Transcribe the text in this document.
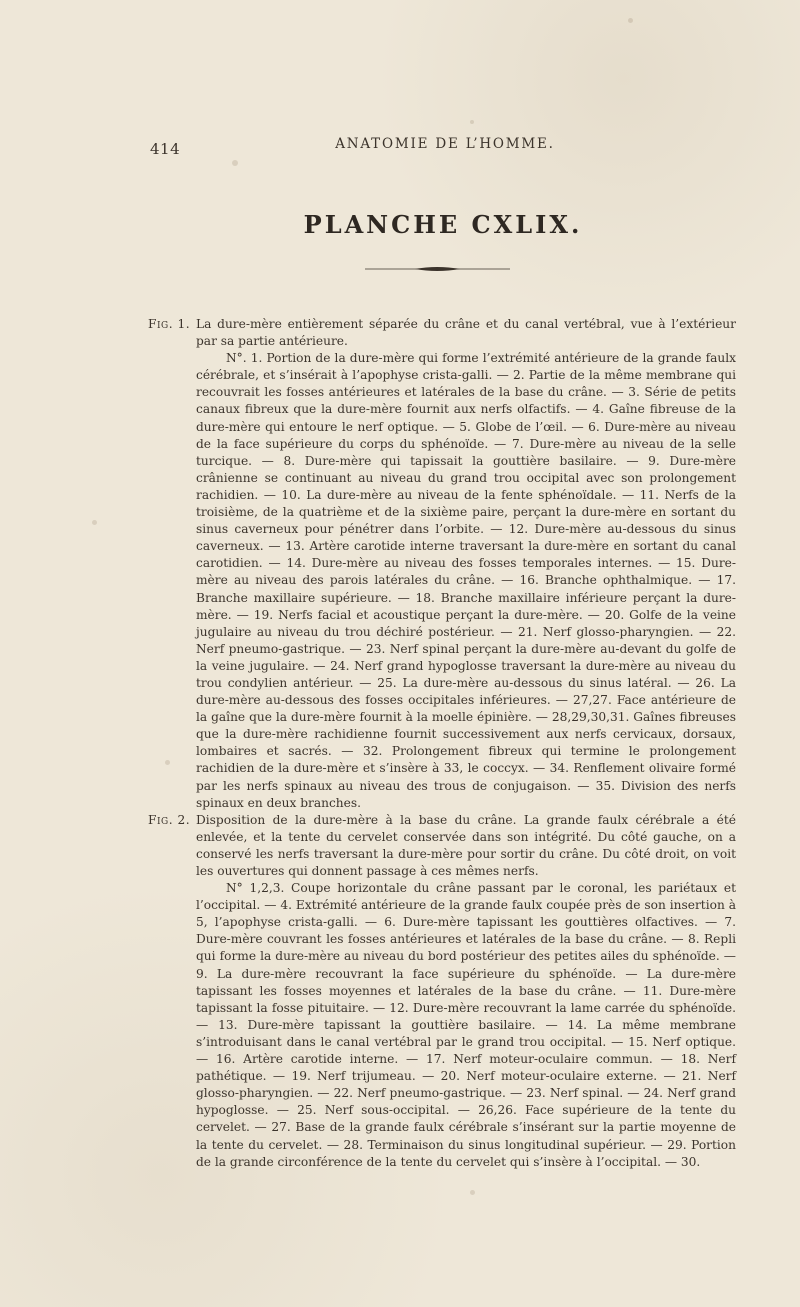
414	ANATOMIE DE L’HOMME.
PLANCHE CXLIX.
Fig. 1. La dure-mère entièrement séparée du crâne et du canal vertébral, vue à l’extérieur par sa partie antérieure.

N°. 1. Portion de la dure-mère qui forme l’extrémité antérieure de la grande faulx cérébrale, et s’insérait à l’apophyse crista-galli. — 2. Partie de la même membrane qui recouvrait les fosses antérieures et latérales de la base du crâne. — 3. Série de petits canaux fibreux que la dure-mère fournit aux nerfs olfactifs. — 4. Gaîne fibreuse de la dure-mère qui entoure le nerf optique. — 5. Globe de l’œil. — 6. Dure-mère au niveau de la face supérieure du corps du sphénoïde. — 7. Dure-mère au niveau de la selle turcique. — 8. Dure-mère qui tapissait la gouttière basilaire. — 9. Dure-mère crânienne se continuant au niveau du grand trou occipital avec son prolongement rachidien. — 10. La dure-mère au niveau de la fente sphénoïdale. — 11. Nerfs de la troisième, de la quatrième et de la sixième paire, perçant la dure-mère en sortant du sinus caverneux pour pénétrer dans l’orbite. — 12. Dure-mère au-dessous du sinus caverneux. — 13. Artère carotide interne traversant la dure-mère en sortant du canal carotidien. — 14. Dure-mère au niveau des fosses temporales internes. — 15. Dure-mère au niveau des parois latérales du crâne. — 16. Branche ophthalmique. — 17. Branche maxillaire supérieure. — 18. Branche maxillaire inférieure perçant la dure-mère. — 19. Nerfs facial et acoustique perçant la dure-mère. — 20. Golfe de la veine jugulaire au niveau du trou déchiré postérieur. — 21. Nerf glosso-pharyngien. — 22. Nerf pneumo-gastrique. — 23. Nerf spinal perçant la dure-mère au-devant du golfe de la veine jugulaire. — 24. Nerf grand hypoglosse traversant la dure-mère au niveau du trou condylien antérieur. — 25. La dure-mère au-dessous du sinus latéral. — 26. La dure-mère au-dessous des fosses occipitales inférieures. — 27,27. Face antérieure de la gaîne que la dure-mère fournit à la moelle épinière. — 28,29,30,31. Gaînes fibreuses que la dure-mère rachidienne fournit successivement aux nerfs cervicaux, dorsaux, lombaires et sacrés. — 32. Prolongement fibreux qui termine le prolongement rachidien de la dure-mère et s’insère à 33, le coccyx. — 34. Renflement olivaire formé par les nerfs spinaux au niveau des trous de conjugaison. — 35. Division des nerfs spinaux en deux branches.

Fig. 2. Disposition de la dure-mère à la base du crâne. La grande faulx cérébrale a été enlevée, et la tente du cervelet conservée dans son intégrité. Du côté gauche, on a conservé les nerfs traversant la dure-mère pour sortir du crâne. Du côté droit, on voit les ouvertures qui donnent passage à ces mêmes nerfs.

N° 1,2,3. Coupe horizontale du crâne passant par le coronal, les pariétaux et l’occipital. — 4. Extrémité antérieure de la grande faulx coupée près de son insertion à 5, l’apophyse crista-galli. — 6. Dure-mère tapissant les gouttières olfactives. — 7. Dure-mère couvrant les fosses antérieures et latérales de la base du crâne. — 8. Repli qui forme la dure-mère au niveau du bord postérieur des petites ailes du sphénoïde. — 9. La dure-mère recouvrant la face supérieure du sphénoïde. — La dure-mère tapissant les fosses moyennes et latérales de la base du crâne. — 11. Dure-mère tapissant la fosse pituitaire. — 12. Dure-mère recouvrant la lame carrée du sphénoïde. — 13. Dure-mère tapissant la gouttière basilaire. — 14. La même membrane s’introduisant dans le canal vertébral par le grand trou occipital. — 15. Nerf optique. — 16. Artère carotide interne. — 17. Nerf moteur-oculaire commun. — 18. Nerf pathétique. — 19. Nerf trijumeau. — 20. Nerf moteur-oculaire externe. — 21. Nerf glosso-pharyngien. — 22. Nerf pneumo-gastrique. — 23. Nerf spinal. — 24. Nerf grand hypoglosse. — 25. Nerf sous-occipital. — 26,26. Face supérieure de la tente du cervelet. — 27. Base de la grande faulx cérébrale s’insérant sur la partie moyenne de la tente du cervelet. — 28. Terminaison du sinus longitudinal supérieur. — 29. Portion de la grande circonférence de la tente du cervelet qui s’insère à l’occipital. — 30.
